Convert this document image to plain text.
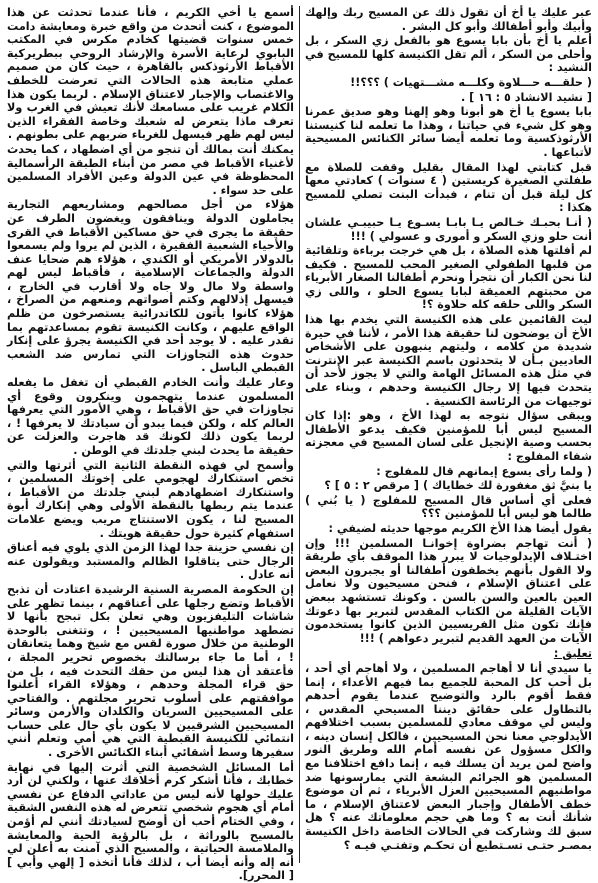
عبر عليك يا أخ أن تقول ذلك عن المسيح ربك وإلهك وأبيك وأبو أطفالك وأبو كل البشر .

أعلم يا أخ بأن بابا يسوع هو بالفعل زي السكر ، بل وأحلى من السكر ، ألم تقل الكنيسة كلها للمسيح في النشيد :

( حلقـــه حـــلاوة وكلـــه مشـــتهيات ) ؟؟؟!!

[ نشيد الانشاد ٥ : ١٦ ] .

بابا يسوع يا أخ هو أبونا وهو إلهنا وهو صديق عمرنا وهو كل شيء في حياتنا ، وهذا ما تعلمه لنا كنيستنا الأرثوذكسية وما تعلمه أيضا سائر الكنائس المسيحية لأتباعها .

قبل كتابتي لهذا المقال بقليل وقفت للصلاة مع طفلتي الصغيرة كريستين ( ٤ سنوات ) كعادتي معها كل ليلة قبل أن تنام ، فبدأت البنت تصلي للمسيح هكذا :

( أنـا بحبـك خـالص يـا بابـا يسـوع يـا حبيبـي علشان أنت حلو وزي السكر و أمورى و عسولي ) !!!

لم أفلتها هذه الصلاة ، بل هي خرجت برباءة وتلقائية من قلبها الطفولي الصغير المحب للمسيح . فكيف لنا نحن الكبار أن نتجرأ ونحرم أطفالنا الصغار الأبرياء من محبتهم العميقة لبابا يسوع الحلو ، واللى زي السكر واللى حلقه كله حلاوة ؟!

ليت القائمين على هذه الكنيسة التي يخدم بها هذا الأخ أن يوضحون لنا حقيقة هذا الأمر ، لأننا في حيرة شديدة من كلامه ، وليتهم ينبهون على الأشخاص العاديين بـأن لا يتحدثون باسم الكنيسة عبر الإنترنت في مثل هذه المسائل الهامة والتي لا يجوز لأحد أن يتحدث فيها إلا رجال الكنيسة وحدهم ، وبناء على توجيهات من الرئاسة الكنسية .

ويبقى سؤال نتوجه به لهذا الأخ ، وهو :إذا كان المسيح ليس أبا للمؤمنين فكيف يدعو الأطفال بحسب وصية الإنجيل على لسان المسيح في معجزته شفاء المفلوج :

( ولما رأى يسوع إيمانهم قال للمفلوج :

يا بنيَّ ثق مغفورة لك خطاياك ) [ مرقص ٢ : ٥ ] ؟

فعلى أي أساس قال المسيح للمفلوج ( يا بُني ) طالما هو ليس أبا للمؤمنين ؟؟؟

يقول أيضا هذا الأخ الكريم موجها حديثه لضيفي :

( أنت تهاجم بضراوة إخوانـا المسلمين !!! وإن اختـلاف الإيدلوجيات لا يبرر هذا الموقف بأي طريقة ولا القول بأنهم يخطفون أطفالنا أو يجبرون البعض على اعتناق الإسلام ، فنحن مسيحيون ولا نعامل العين بالعين والسن بالسن . وكونك تستشهد ببعض الآيات القليلة من الكتاب المقدس لتبرير بها دعوتك فإنك تكون مثل الفريسيين الذين كانوا يستخدمون الآيات من العهد القديم لتبرير دعواهم ) !!!

تعليق :

يا سيدي أنا لا أهاجم المسلمين ، ولا أهاجم أي أحد ، بل أحب كل المحبة للجميع بما فيهم الأعداء ، إنما فقط أقوم بالرد والتوضيح عندما يقوم أحدهم بالتطاول على حقائق ديننا المسيحي المقدس ، وليس لي موقف معادي للمسلمين بسبب اختلافهم الأيدلوجي معنا نحن المسيحيين ، فالكل إنسان دينه ، والكل مسؤول عن نفسه أمام الله وطريق النور واضح لمن يريد أن يسلك فيه ، إنما دافع اختلافنا مع المسلمين هو الجرائم البشعة التي يمارسونها ضد مواطنيهم المسيحيين العزل الأبرياء ، ثم أن موضوع خطف الأطفال وإجبار البعض لاعتناق الإسلام ، ما شأنك أنت به ؟ وما هي حجم معلوماتك عنه ؟ هل سبق لك وشاركت في الحالات الخاصة داخل الكنيسة بمصـر حتـى تسـتطيع أن تحكـم وتفتـي فيـه ؟

أسمع يا أخي الكريم ، فأنا عندما تحدثت عن هذا الموضوع ، كنت أتحدث من واقع خبرة ومعايشة دامت خمس سنوات قضيتها كخادم مكرس في المكتب البابوي لرعاية الأسرة والإرشاد الروحي ببطريركية الأقباط الأرثوذكس بالقاهرة ، حيث كان من صميم عملي متابعة هذه الحالات التي تعرضت للخطف والاغتصاب والإجبار لاعتناق الإسلام . لربما يكون هذا الكلام غريب على مسامعك لأنك تعيش في الغرب ولا تعرف ماذا يتعرض له شعبك وخاصة الفقراء الذين ليس لهم ظهر فيسهل للغرباء ضربهم على بطونهم .

يمكنك أنت بمالك أن تنجو من أي اضطهاد ، كما يحدث لأغنياء الأقباط في مصر من أبناء الطبقة الرأسمالية المحظوظة في عين الدولة وعين الأفراد المسلمين على حد سواء .

هؤلاء من أجل مصالحهم ومشاريعهم التجارية يجاملون الدولة وينافقون ويغضون الطرف عن حقيقة ما يجرى في حق مساكين الأقباط في القرى والأحياء الشعبية الفقيرة ، الذين لم يروا ولم يسمعوا بالدولار الأمريكي أو الكندي ، هؤلاء هم ضحايا عنف الدولة والجماعات الإسلامية ، فأقباط ليس لهم واسطة ولا مال ولا جاه ولا أقارب في الخارج ، فيسهل إذلالهم وكتم أصواتهم ومنعهم من الصراخ ، هؤلاء كانوا يأتون للكاتدرائية يستصرخون من ظلم الواقع عليهم ، وكانت الكنيسة تقوم بمساعدتهم بما تقدر عليه . لا يوجد أحد في الكنيسة يجرؤ على إنكار حدوث هذه التجاوزات التي تمارس ضد الشعب القبطي الباسل .

وعار عليك وأنت الخادم القبطي أن تغفل ما يفعله المسلمون عندما يتهجمون وينكرون وقوع أي تجاوزات في حق الأقباط ، وهي الأمور التي يعرفها العالم كله ، ولكن فيما يبدو أن سيادتك لا يعرفها ! ، لربما يكون ذلك لكونك قد هاجرت والعزلت عن حقيقة ما يحدث لبني جلدتك في الوطن .

وأسمح لي فهذه النقطة الثانية التي أثرتها والتي تخص استنكارك لهجومي على إخوتك المسلمين ، واستنكارك اضطهادهم لبني جلدتك من الأقباط ، عندما يتم ربطها بالنقطة الأولى وهي إنكارك أبوة المسيح لنا ، يكون الاستنتاج مريب ويضع علامات استفهام كثيرة حول حقيقة هويتك .

إن نفسي حزينة جدا لهذا الزمن الذي يلوي فيه أعناق الرجال حتى يتاقلوا الظالم والمستبد ويقولون عنه أنه عادل .

إن الحكومة المصرية السنية الرشيدة اعتادت أن تذبح الأقباط وتضع رجلها على أعناقهم ، بينما تظهر على شاشات التليفزيون وهي تعلن بكل تبجح بأنها لا تضطهد مواطنيها المسيحيين ! ، وتتغنى بالوحدة الوطنية من خلال صورة لقس مع شيخ وهما يتعانقان ! ، أما ما جاء برسالتك بخصوص تحرير المجلة ، فأعتقد أن هذا ليس من حقك التحدث فيه ، بل من حق قراء المجلة وحدهم ، وهؤلاء القراء أعلنوا موافقتهم على أسلوب تحرير مجلتهم . والفتاحي على المسيحيين السريان والكلدان والأرمن وسائر المسيحيين الشرقيين لا يكون بأي حال على حساب انتمائي للكنيسة القبطية التي هي أمي وتعلم أنني سفيرها وسط أشقائي أبناء الكنائس الأخرى .

أما المسائل الشخصية التي أثرت إليها في نهاية خطابك ، فأنا أشكر كرم أخلاقك عنها ، ولكني لن أرد عليك حولها لأنه ليس من عاداتي الدفاع عن نفسي أمام أي هجوم شخصي تتعرض له هذه النفس الشقية ، وفي الختام أحب أن أوضح لسيادتك أنني لم أؤمن بالمسيح بالوراثة ، بل بالرؤية الحية والمعايشة والملامسة الحياتية ، والمسيح الذي آمنت به أعلن لي أنه إله وأنه أيضا أب ، لذلك فأنا أتخذه [ إلهي وأبي ] [ المحرر].
